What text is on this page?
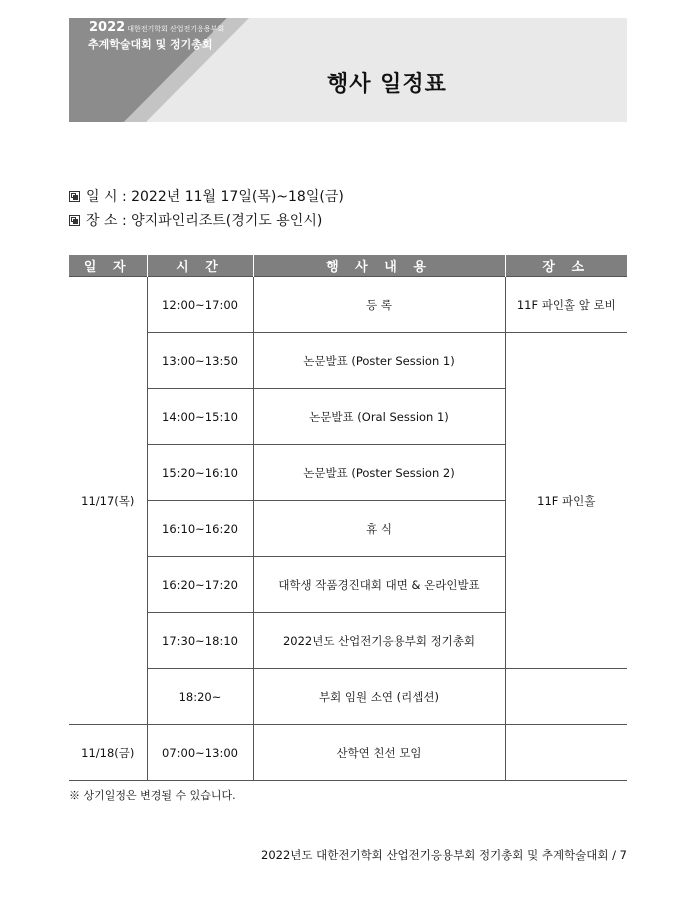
2022 대한전기학회 산업전기응용부회
추계학술대회 및 정기총회
행사 일정표
일 시 : 2022년 11월 17일(목)~18일(금)
장 소 : 양지파인리조트(경기도 용인시)
일 자	시 간	행 사 내 용	장 소
11/17(목)	12:00~17:00	등 록	11F 파인홀 앞 로비
	13:00~13:50	논문발표 (Poster Session 1)	11F 파인홀
	14:00~15:10	논문발표 (Oral Session 1)	
	15:20~16:10	논문발표 (Poster Session 2)	
	16:10~16:20	휴 식	
	16:20~17:20	대학생 작품경진대회 대면 & 온라인발표	
	17:30~18:10	2022년도 산업전기응용부회 정기총회	
	18:20~	부회 임원 소연 (리셉션)	
11/18(금)	07:00~13:00	산학연 친선 모임	
※ 상기일정은 변경될 수 있습니다.
2022년도 대한전기학회 산업전기응용부회 정기총회 및 추계학술대회 / 7
